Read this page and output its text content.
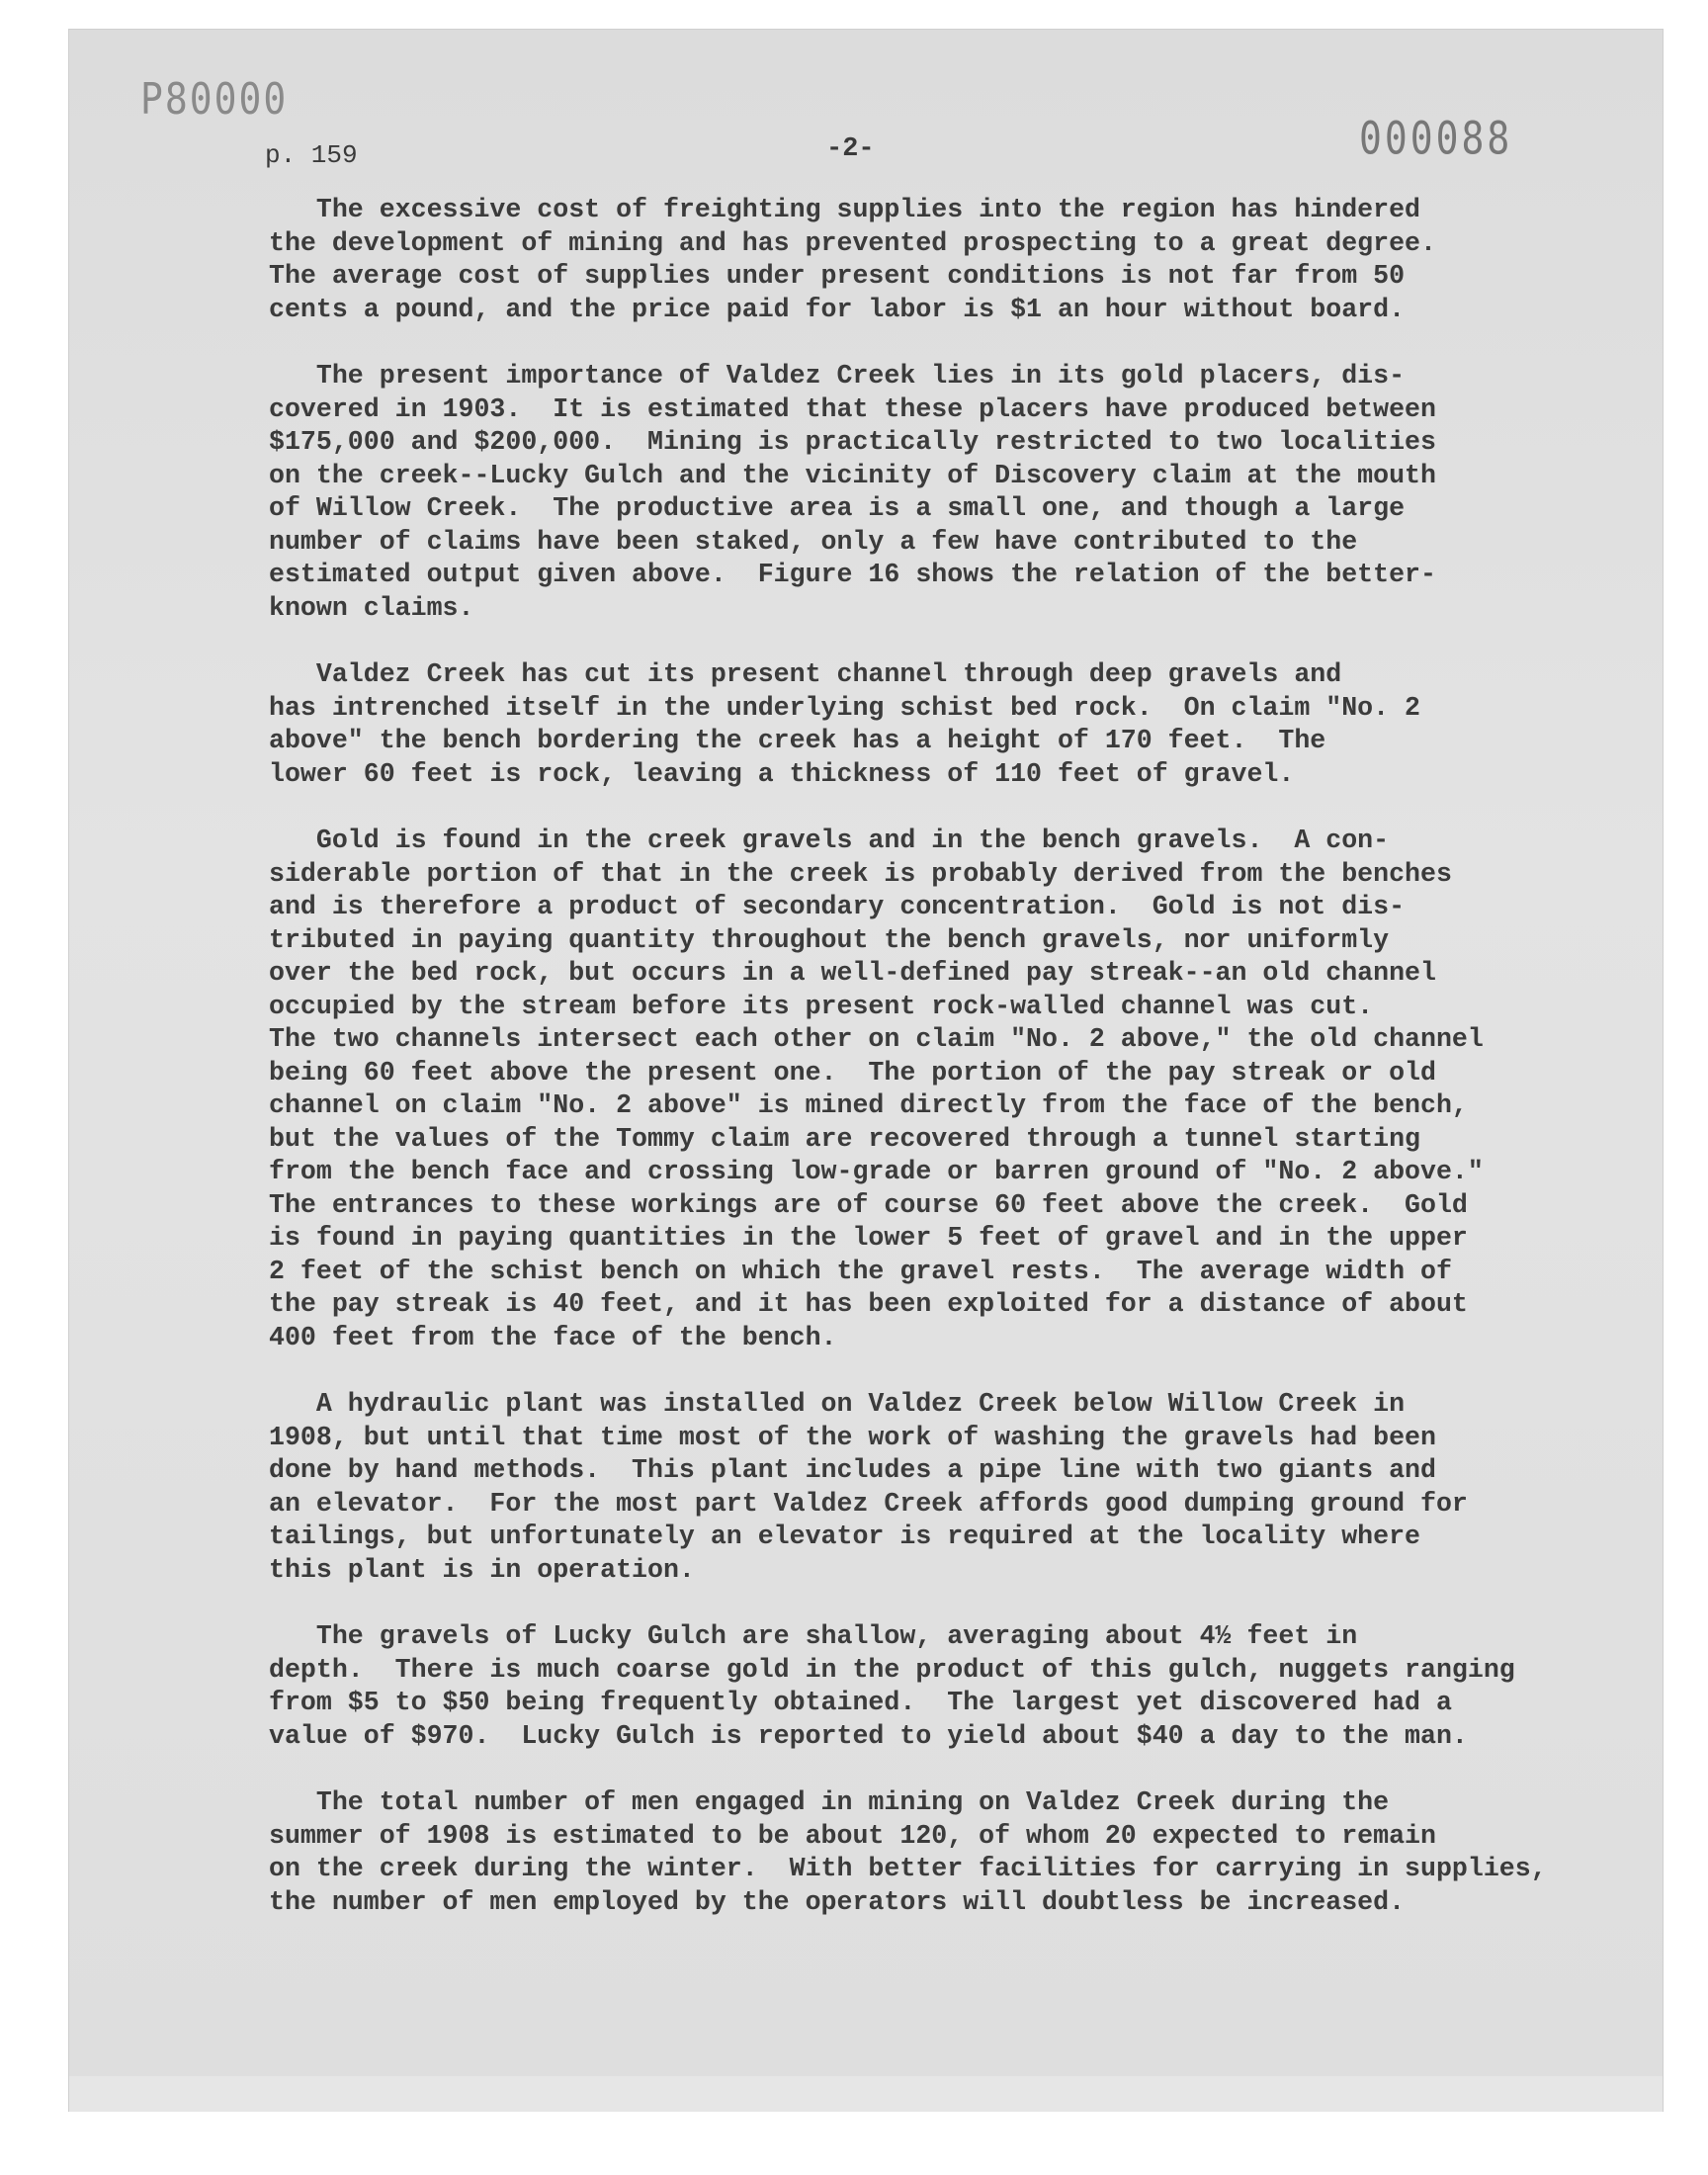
P80000
000088
p. 159	-2-
The excessive cost of freighting supplies into the region has hindered
the development of mining and has prevented prospecting to a great degree.
The average cost of supplies under present conditions is not far from 50
cents a pound, and the price paid for labor is $1 an hour without board.
The present importance of Valdez Creek lies in its gold placers, dis-
covered in 1903.  It is estimated that these placers have produced between
$175,000 and $200,000.  Mining is practically restricted to two localities
on the creek--Lucky Gulch and the vicinity of Discovery claim at the mouth
of Willow Creek.  The productive area is a small one, and though a large
number of claims have been staked, only a few have contributed to the
estimated output given above.  Figure 16 shows the relation of the better-
known claims.
Valdez Creek has cut its present channel through deep gravels and
has intrenched itself in the underlying schist bed rock.  On claim "No. 2
above" the bench bordering the creek has a height of 170 feet.  The
lower 60 feet is rock, leaving a thickness of 110 feet of gravel.
Gold is found in the creek gravels and in the bench gravels.  A con-
siderable portion of that in the creek is probably derived from the benches
and is therefore a product of secondary concentration.  Gold is not dis-
tributed in paying quantity throughout the bench gravels, nor uniformly
over the bed rock, but occurs in a well-defined pay streak--an old channel
occupied by the stream before its present rock-walled channel was cut.
The two channels intersect each other on claim "No. 2 above," the old channel
being 60 feet above the present one.  The portion of the pay streak or old
channel on claim "No. 2 above" is mined directly from the face of the bench,
but the values of the Tommy claim are recovered through a tunnel starting
from the bench face and crossing low-grade or barren ground of "No. 2 above."
The entrances to these workings are of course 60 feet above the creek.  Gold
is found in paying quantities in the lower 5 feet of gravel and in the upper
2 feet of the schist bench on which the gravel rests.  The average width of
the pay streak is 40 feet, and it has been exploited for a distance of about
400 feet from the face of the bench.
A hydraulic plant was installed on Valdez Creek below Willow Creek in
1908, but until that time most of the work of washing the gravels had been
done by hand methods.  This plant includes a pipe line with two giants and
an elevator.  For the most part Valdez Creek affords good dumping ground for
tailings, but unfortunately an elevator is required at the locality where
this plant is in operation.
The gravels of Lucky Gulch are shallow, averaging about 4½ feet in
depth.  There is much coarse gold in the product of this gulch, nuggets ranging
from $5 to $50 being frequently obtained.  The largest yet discovered had a
value of $970.  Lucky Gulch is reported to yield about $40 a day to the man.
The total number of men engaged in mining on Valdez Creek during the
summer of 1908 is estimated to be about 120, of whom 20 expected to remain
on the creek during the winter.  With better facilities for carrying in supplies,
the number of men employed by the operators will doubtless be increased.
